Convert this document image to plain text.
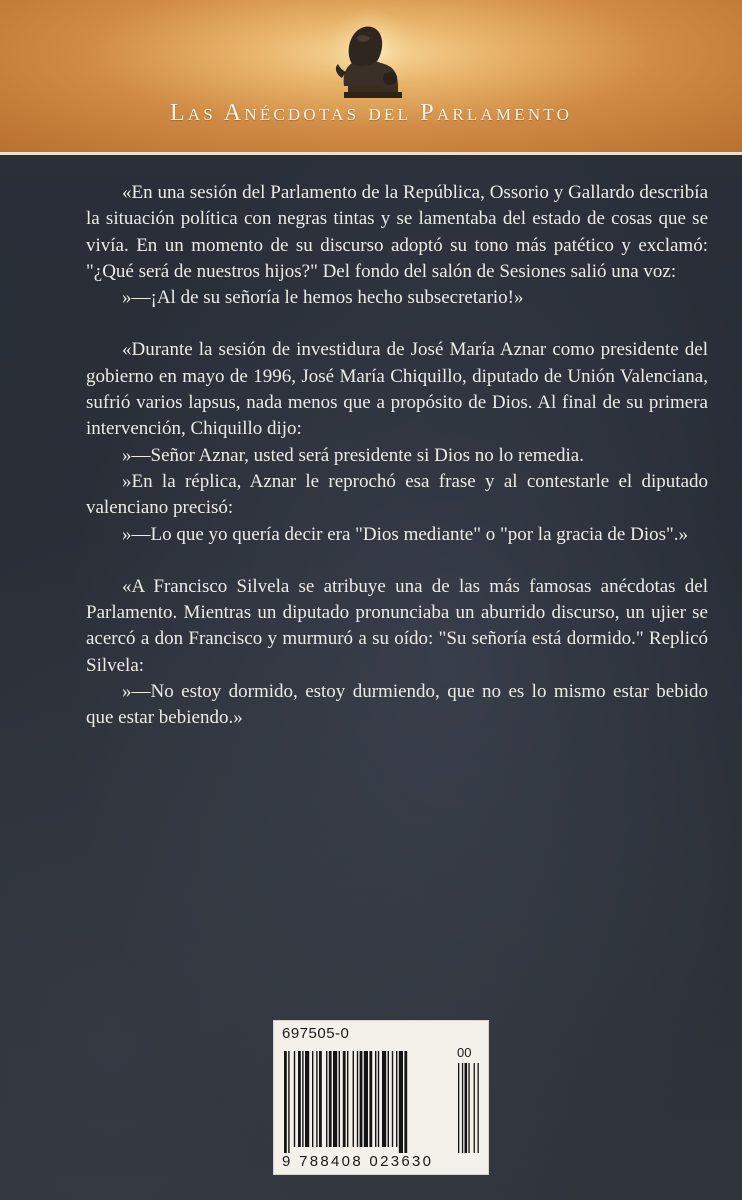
Las Anécdotas del Parlamento

«En una sesión del Parlamento de la República, Ossorio y Gallardo describía la situación política con negras tintas y se lamentaba del estado de cosas que se vivía. En un momento de su discurso adoptó su tono más patético y exclamó: "¿Qué será de nuestros hijos?" Del fondo del salón de Sesiones salió una voz:

»—¡Al de su señoría le hemos hecho subsecretario!»

«Durante la sesión de investidura de José María Aznar como presidente del gobierno en mayo de 1996, José María Chiquillo, diputado de Unión Valenciana, sufrió varios lapsus, nada menos que a propósito de Dios. Al final de su primera intervención, Chiquillo dijo:

»—Señor Aznar, usted será presidente si Dios no lo remedia.

»En la réplica, Aznar le reprochó esa frase y al contestarle el diputado valenciano precisó:

»—Lo que yo quería decir era "Dios mediante" o "por la gracia de Dios".»

«A Francisco Silvela se atribuye una de las más famosas anécdotas del Parlamento. Mientras un diputado pronunciaba un aburrido discurso, un ujier se acercó a don Francisco y murmuró a su oído: "Su señoría está dormido." Replicó Silvela:

»—No estoy dormido, estoy durmiendo, que no es lo mismo estar bebido que estar bebiendo.»

697505-0
00
9 788408 023630
